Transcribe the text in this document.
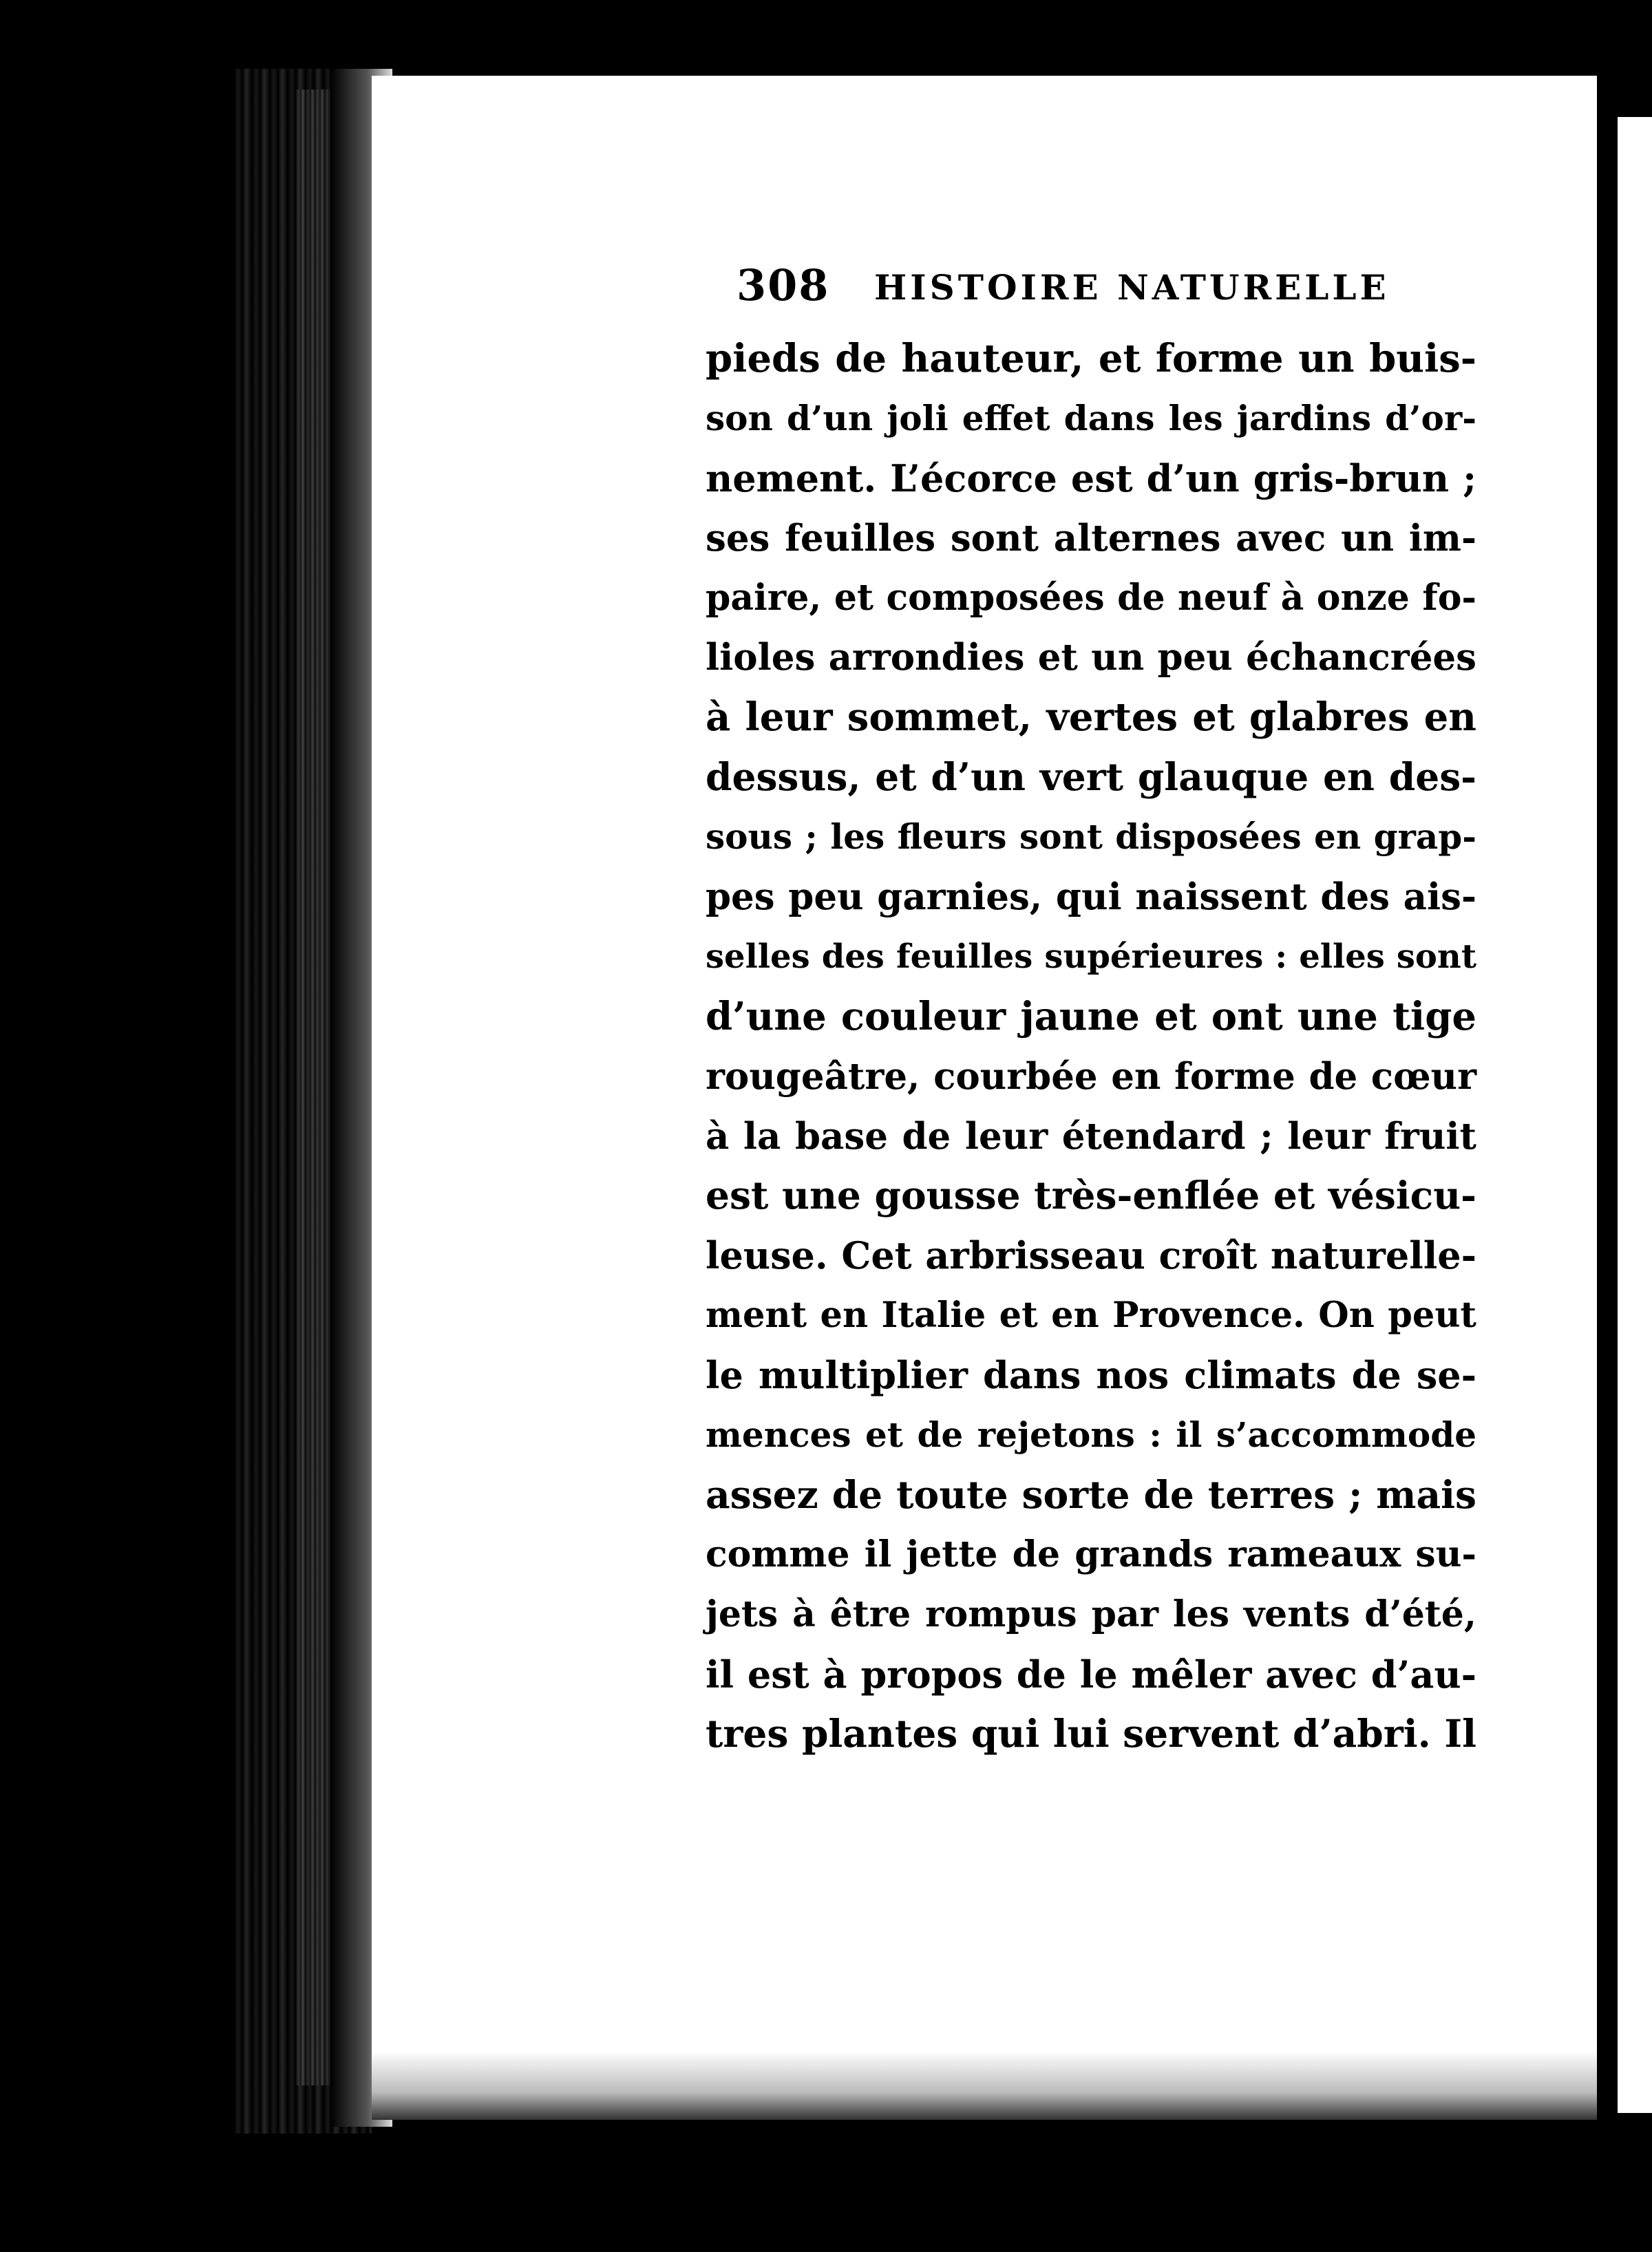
308 HISTOIRE NATURELLE
pieds de hauteur, et forme un buis-
son d’un joli effet dans les jardins d’or-
nement. L’écorce est d’un gris-brun ;
ses feuilles sont alternes avec un im-
paire, et composées de neuf à onze fo-
lioles arrondies et un peu échancrées
à leur sommet, vertes et glabres en
dessus, et d’un vert glauque en des-
sous ; les fleurs sont disposées en grap-
pes peu garnies, qui naissent des ais-
selles des feuilles supérieures : elles sont
d’une couleur jaune et ont une tige
rougeâtre, courbée en forme de cœur
à la base de leur étendard ; leur fruit
est une gousse très-enflée et vésicu-
leuse. Cet arbrisseau croît naturelle-
ment en Italie et en Provence. On peut
le multiplier dans nos climats de se-
mences et de rejetons : il s’accommode
assez de toute sorte de terres ; mais
comme il jette de grands rameaux su-
jets à être rompus par les vents d’été,
il est à propos de le mêler avec d’au-
tres plantes qui lui servent d’abri. Il
